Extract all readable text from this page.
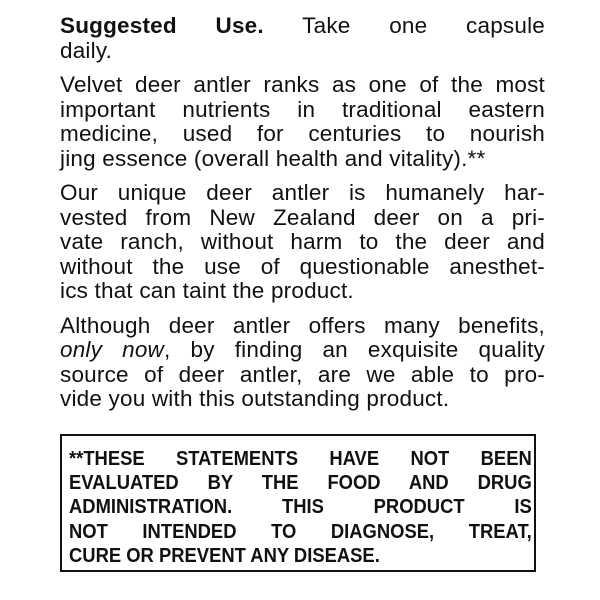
Suggested Use. Take one capsule
daily.
Velvet deer antler ranks as one of the most
important nutrients in traditional eastern
medicine, used for centuries to nourish
jing essence (overall health and vitality).**
Our unique deer antler is humanely har-
vested from New Zealand deer on a pri-
vate ranch, without harm to the deer and
without the use of questionable anesthet-
ics that can taint the product.
Although deer antler offers many benefits,
only now, by finding an exquisite quality
source of deer antler, are we able to pro-
vide you with this outstanding product.
**THESE STATEMENTS HAVE NOT BEEN
EVALUATED BY THE FOOD AND DRUG
ADMINISTRATION. THIS PRODUCT IS
NOT INTENDED TO DIAGNOSE, TREAT,
CURE OR PREVENT ANY DISEASE.
